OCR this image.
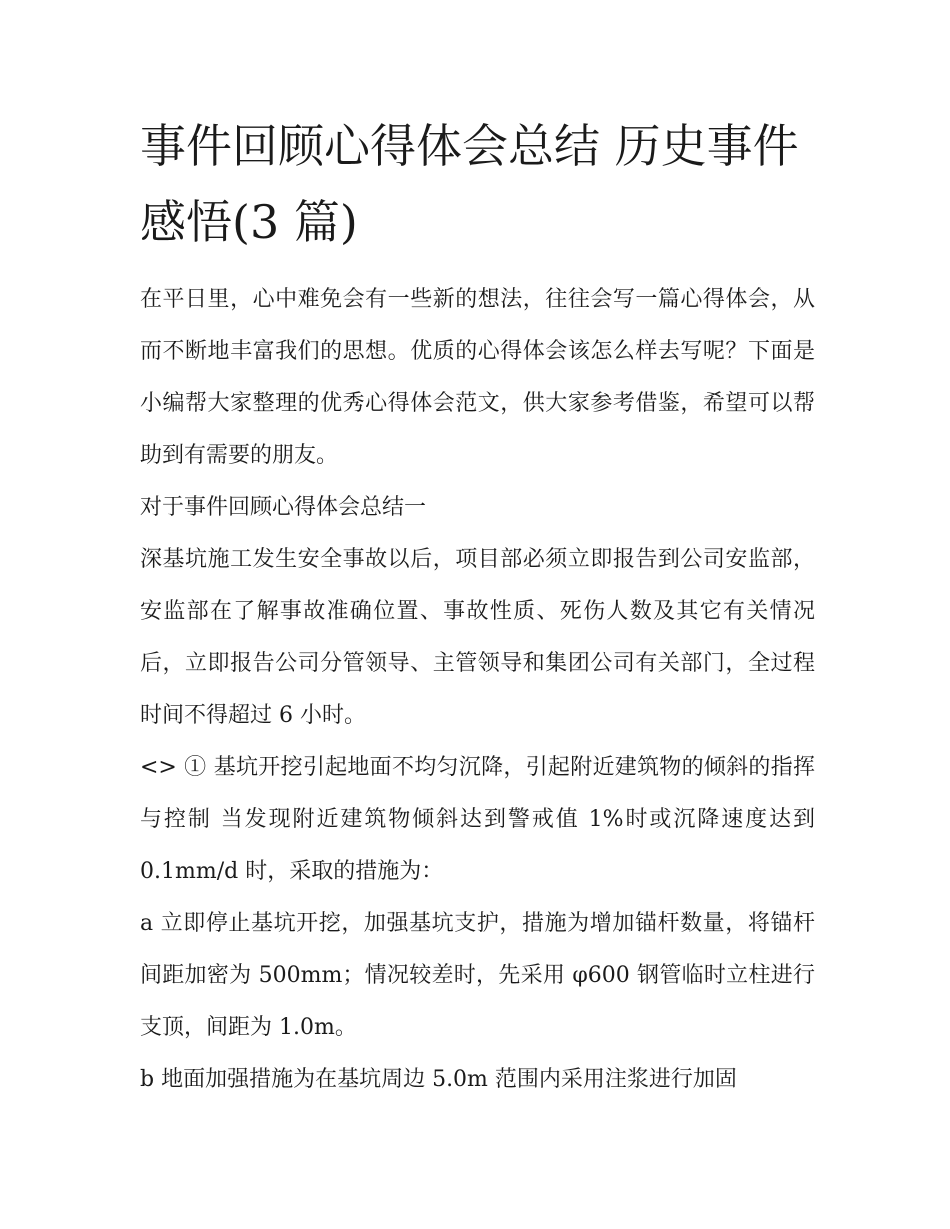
事件回顾心得体会总结 历史事件感悟(3 篇)

在平日里，心中难免会有一些新的想法，往往会写一篇心得体会，从而不断地丰富我们的思想。优质的心得体会该怎么样去写呢？下面是小编帮大家整理的优秀心得体会范文，供大家参考借鉴，希望可以帮助到有需要的朋友。

对于事件回顾心得体会总结一

深基坑施工发生安全事故以后，项目部必须立即报告到公司安监部，安监部在了解事故准确位置、事故性质、死伤人数及其它有关情况后，立即报告公司分管领导、主管领导和集团公司有关部门，全过程时间不得超过 6 小时。

<> ① 基坑开挖引起地面不均匀沉降，引起附近建筑物的倾斜的指挥与控制 当发现附近建筑物倾斜达到警戒值 1%时或沉降速度达到 0.1mm/d 时，采取的措施为：

a 立即停止基坑开挖，加强基坑支护，措施为增加锚杆数量，将锚杆间距加密为 500mm；情况较差时，先采用 φ600 钢管临时立柱进行支顶，间距为 1.0m。

b 地面加强措施为在基坑周边 5.0m 范围内采用注浆进行加固
